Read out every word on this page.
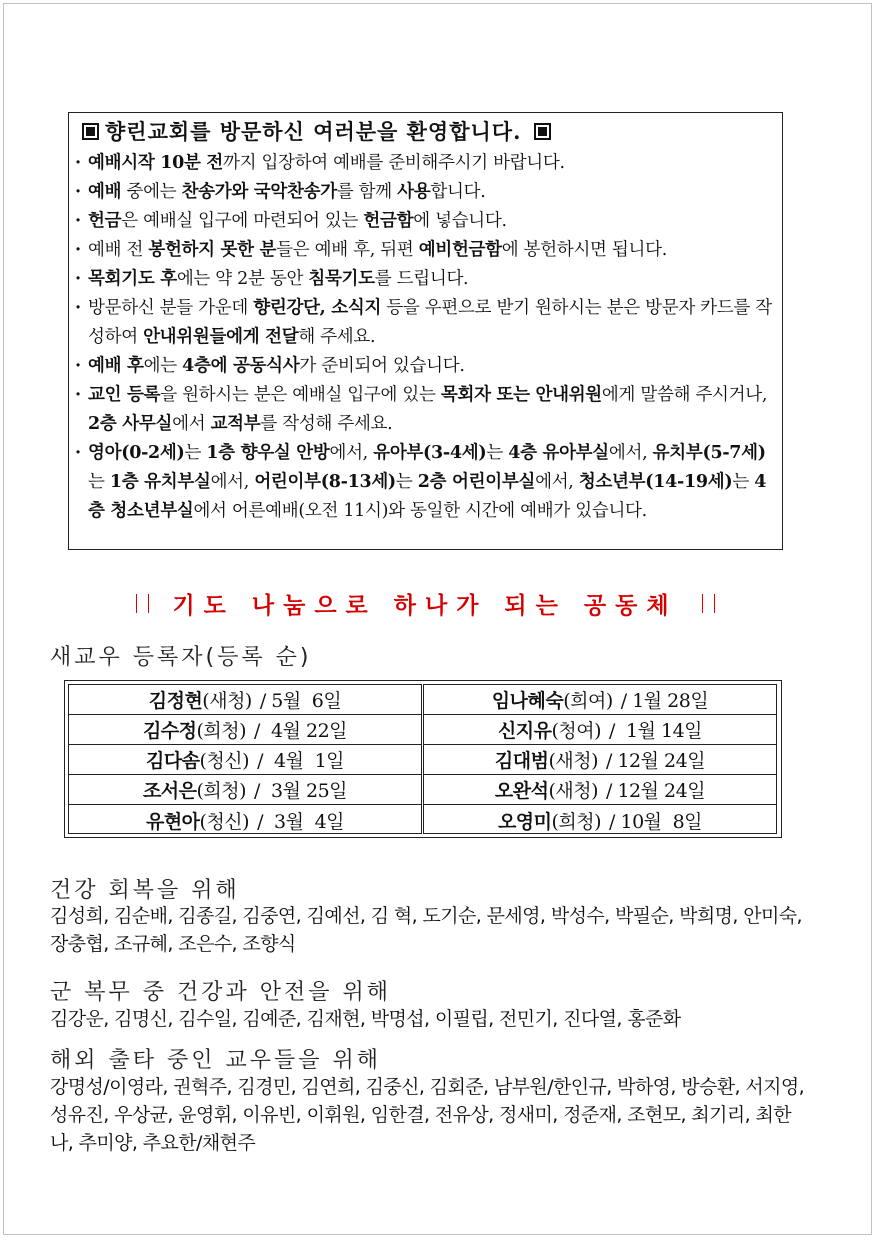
향린교회를 방문하신 여러분을 환영합니다.
· 예배시작 10분 전까지 입장하여 예배를 준비해주시기 바랍니다.
· 예배 중에는 찬송가와 국악찬송가를 함께 사용합니다.
· 헌금은 예배실 입구에 마련되어 있는 헌금함에 넣습니다.
· 예배 전 봉헌하지 못한 분들은 예배 후, 뒤편 예비헌금함에 봉헌하시면 됩니다.
· 목회기도 후에는 약 2분 동안 침묵기도를 드립니다.
· 방문하신 분들 가운데 향린강단, 소식지 등을 우편으로 받기 원하시는 분은 방문자 카드를 작성하여 안내위원들에게 전달해 주세요.
· 예배 후에는 4층에 공동식사가 준비되어 있습니다.
· 교인 등록을 원하시는 분은 예배실 입구에 있는 목회자 또는 안내위원에게 말씀해 주시거나, 2층 사무실에서 교적부를 작성해 주세요.
· 영아(0-2세)는 1층 향우실 안방에서, 유아부(3-4세)는 4층 유아부실에서, 유치부(5-7세)는 1층 유치부실에서, 어린이부(8-13세)는 2층 어린이부실에서, 청소년부(14-19세)는 4층 청소년부실에서 어른예배(오전 11시)와 동일한 시간에 예배가 있습니다.
기도 나눔으로 하나가 되는 공동체
새교우 등록자(등록 순)
김정현 (새청) / 5월  6일
김수정 (희청) /  4월 22일
김다솜 (청신) /  4월  1일
조서은 (희청) /  3월 25일
유현아 (청신) /  3월  4일
임나혜숙 (희여) / 1월 28일
신지유 (청여) /  1월 14일
김대범 (새청) / 12월 24일
오완석 (새청) / 12월 24일
오영미 (희청) / 10월  8일
건강 회복을 위해
김성희, 김순배, 김종길, 김중연, 김예선, 김 혁, 도기순, 문세영, 박성수, 박필순, 박희명, 안미숙, 장충협, 조규혜, 조은수, 조향식
군 복무 중 건강과 안전을 위해
김강운, 김명신, 김수일, 김예준, 김재현, 박명섭, 이필립, 전민기, 진다열, 홍준화
해외 출타 중인 교우들을 위해
강명성/이영라, 권혁주, 김경민, 김연희, 김중신, 김회준, 남부원/한인규, 박하영, 방승환, 서지영, 성유진, 우상균, 윤영휘, 이유빈, 이휘원, 임한결, 전유상, 정새미, 정준재, 조현모, 최기리, 최한나, 추미양, 추요한/채현주
